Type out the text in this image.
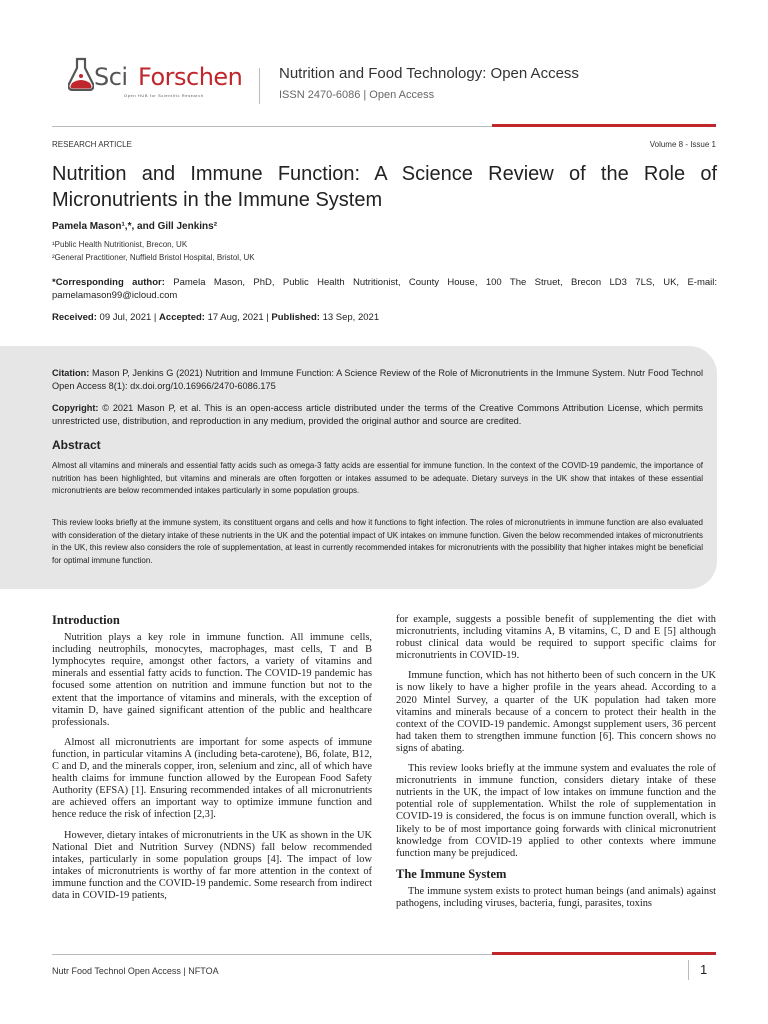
Sci Forschen
Open HUB for Scientific Research
Nutrition and Food Technology: Open Access
ISSN 2470-6086 | Open Access
RESEARCH ARTICLE	Volume 8 - Issue 1
Nutrition and Immune Function: A Science Review of the Role of Micronutrients in the Immune System
Pamela Mason¹,*, and Gill Jenkins²
¹Public Health Nutritionist, Brecon, UK
²General Practitioner, Nuffield Bristol Hospital, Bristol, UK
*Corresponding author: Pamela Mason, PhD, Public Health Nutritionist, County House, 100 The Struet, Brecon LD3 7LS, UK, E-mail: pamelamason99@icloud.com
Received: 09 Jul, 2021 | Accepted: 17 Aug, 2021 | Published: 13 Sep, 2021
Citation: Mason P, Jenkins G (2021) Nutrition and Immune Function: A Science Review of the Role of Micronutrients in the Immune System. Nutr Food Technol Open Access 8(1): dx.doi.org/10.16966/2470-6086.175
Copyright: © 2021 Mason P, et al. This is an open-access article distributed under the terms of the Creative Commons Attribution License, which permits unrestricted use, distribution, and reproduction in any medium, provided the original author and source are credited.
Abstract
Almost all vitamins and minerals and essential fatty acids such as omega-3 fatty acids are essential for immune function. In the context of the COVID-19 pandemic, the importance of nutrition has been highlighted, but vitamins and minerals are often forgotten or intakes assumed to be adequate. Dietary surveys in the UK show that intakes of these essential micronutrients are below recommended intakes particularly in some population groups.
This review looks briefly at the immune system, its constituent organs and cells and how it functions to fight infection. The roles of micronutrients in immune function are also evaluated with consideration of the dietary intake of these nutrients in the UK and the potential impact of UK intakes on immune function. Given the below recommended intakes of micronutrients in the UK, this review also considers the role of supplementation, at least in currently recommended intakes for micronutrients with the possibility that higher intakes might be beneficial for optimal immune function.
Introduction

Nutrition plays a key role in immune function. All immune cells, including neutrophils, monocytes, macrophages, mast cells, T and B lymphocytes require, amongst other factors, a variety of vitamins and minerals and essential fatty acids to function. The COVID-19 pandemic has focused some attention on nutrition and immune function but not to the extent that the importance of vitamins and minerals, with the exception of vitamin D, have gained significant attention of the public and healthcare professionals.

Almost all micronutrients are important for some aspects of immune function, in particular vitamins A (including beta-carotene), B6, folate, B12, C and D, and the minerals copper, iron, selenium and zinc, all of which have health claims for immune function allowed by the European Food Safety Authority (EFSA) [1]. Ensuring recommended intakes of all micronutrients are achieved offers an important way to optimize immune function and hence reduce the risk of infection [2,3].

However, dietary intakes of micronutrients in the UK as shown in the UK National Diet and Nutrition Survey (NDNS) fall below recommended intakes, particularly in some population groups [4]. The impact of low intakes of micronutrients is worthy of far more attention in the context of immune function and the COVID-19 pandemic. Some research from indirect data in COVID-19 patients,

for example, suggests a possible benefit of supplementing the diet with micronutrients, including vitamins A, B vitamins, C, D and E [5] although robust clinical data would be required to support specific claims for micronutrients in COVID-19.

Immune function, which has not hitherto been of such concern in the UK is now likely to have a higher profile in the years ahead. According to a 2020 Mintel Survey, a quarter of the UK population had taken more vitamins and minerals because of a concern to protect their health in the context of the COVID-19 pandemic. Amongst supplement users, 36 percent had taken them to strengthen immune function [6]. This concern shows no signs of abating.

This review looks briefly at the immune system and evaluates the role of micronutrients in immune function, considers dietary intake of these nutrients in the UK, the impact of low intakes on immune function and the potential role of supplementation. Whilst the role of supplementation in COVID-19 is considered, the focus is on immune function overall, which is likely to be of most importance going forwards with clinical micronutrient knowledge from COVID-19 applied to other contexts where immune function many be prejudiced.

The Immune System

The immune system exists to protect human beings (and animals) against pathogens, including viruses, bacteria, fungi, parasites, toxins

Nutr Food Technol Open Access | NFTOA	1
